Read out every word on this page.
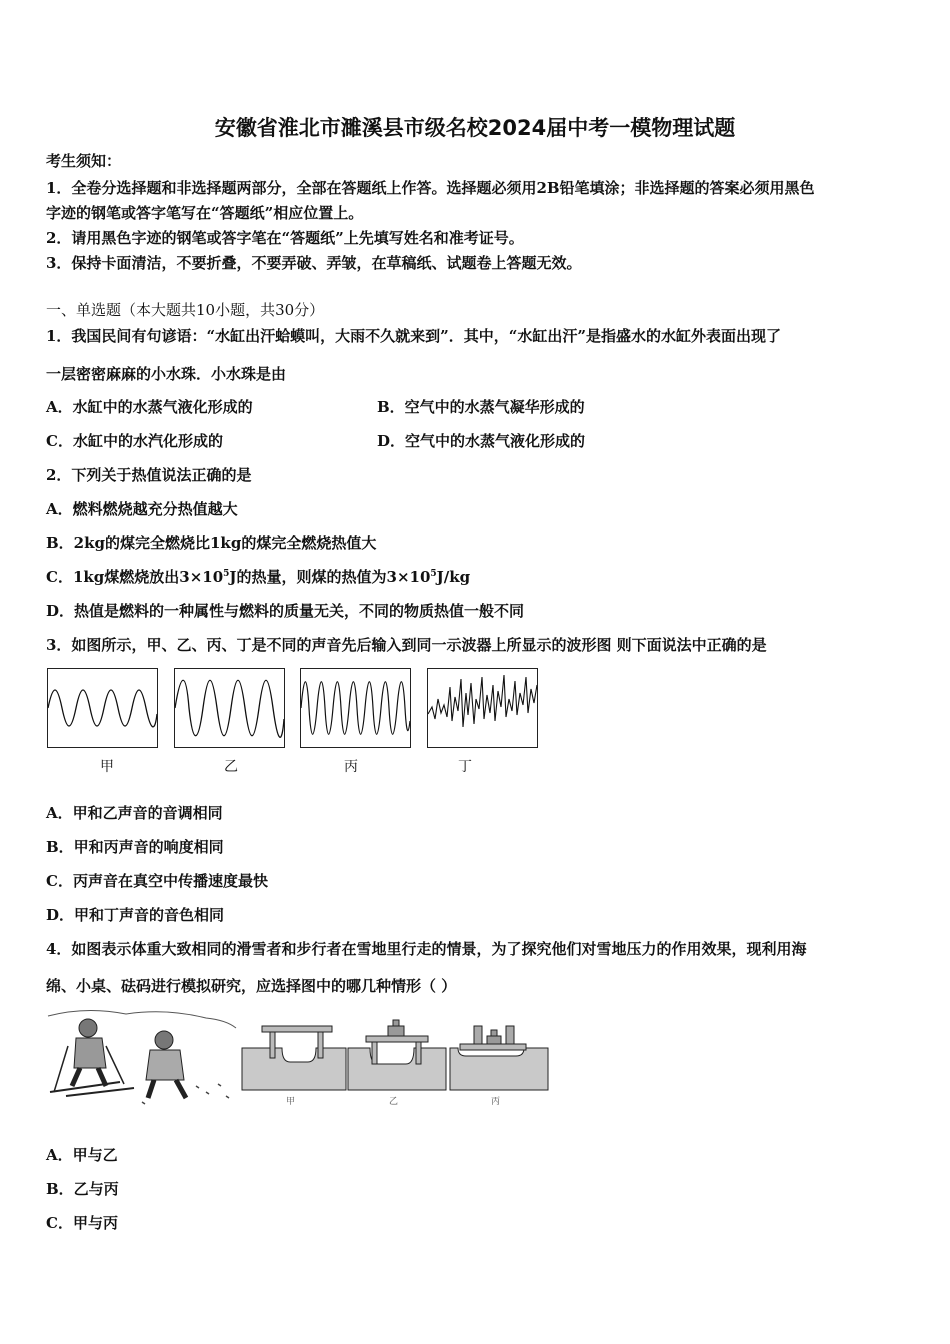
安徽省淮北市濉溪县市级名校2024届中考一模物理试题
考生须知：
1．全卷分选择题和非选择题两部分，全部在答题纸上作答。选择题必须用2B铅笔填涂；非选择题的答案必须用黑色
字迹的钢笔或答字笔写在“答题纸”相应位置上。
2．请用黑色字迹的钢笔或答字笔在“答题纸”上先填写姓名和准考证号。
3．保持卡面清洁，不要折叠，不要弄破、弄皱，在草稿纸、试题卷上答题无效。
一、单选题（本大题共10小题，共30分）
1．我国民间有句谚语：“水缸出汗蛤蟆叫，大雨不久就来到”．其中，“水缸出汗”是指盛水的水缸外表面出现了
一层密密麻麻的小水珠．小水珠是由
A．水缸中的水蒸气液化形成的	B．空气中的水蒸气凝华形成的
C．水缸中的水汽化形成的	D．空气中的水蒸气液化形成的
2．下列关于热值说法正确的是
A．燃料燃烧越充分热值越大
B．2kg的煤完全燃烧比1kg的煤完全燃烧热值大
C．1kg煤燃烧放出$3\times 10^5J$的热量，则煤的热值为$3\times 10^5J/kg$
D．热值是燃料的一种属性与燃料的质量无关，不同的物质热值一般不同
3．如图所示，甲、乙、丙、丁是不同的声音先后输入到同一示波器上所显示的波形图 则下面说法中正确的是
甲	乙	丙	丁
A．甲和乙声音的音调相同
B．甲和丙声音的响度相同
C．丙声音在真空中传播速度最快
D．甲和丁声音的音色相同
4．如图表示体重大致相同的滑雪者和步行者在雪地里行走的情景，为了探究他们对雪地压力的作用效果，现利用海
绵、小桌、砝码进行模拟研究，应选择图中的哪几种情形（ ）
甲	乙	丙
A．甲与乙
B．乙与丙
C．甲与丙
